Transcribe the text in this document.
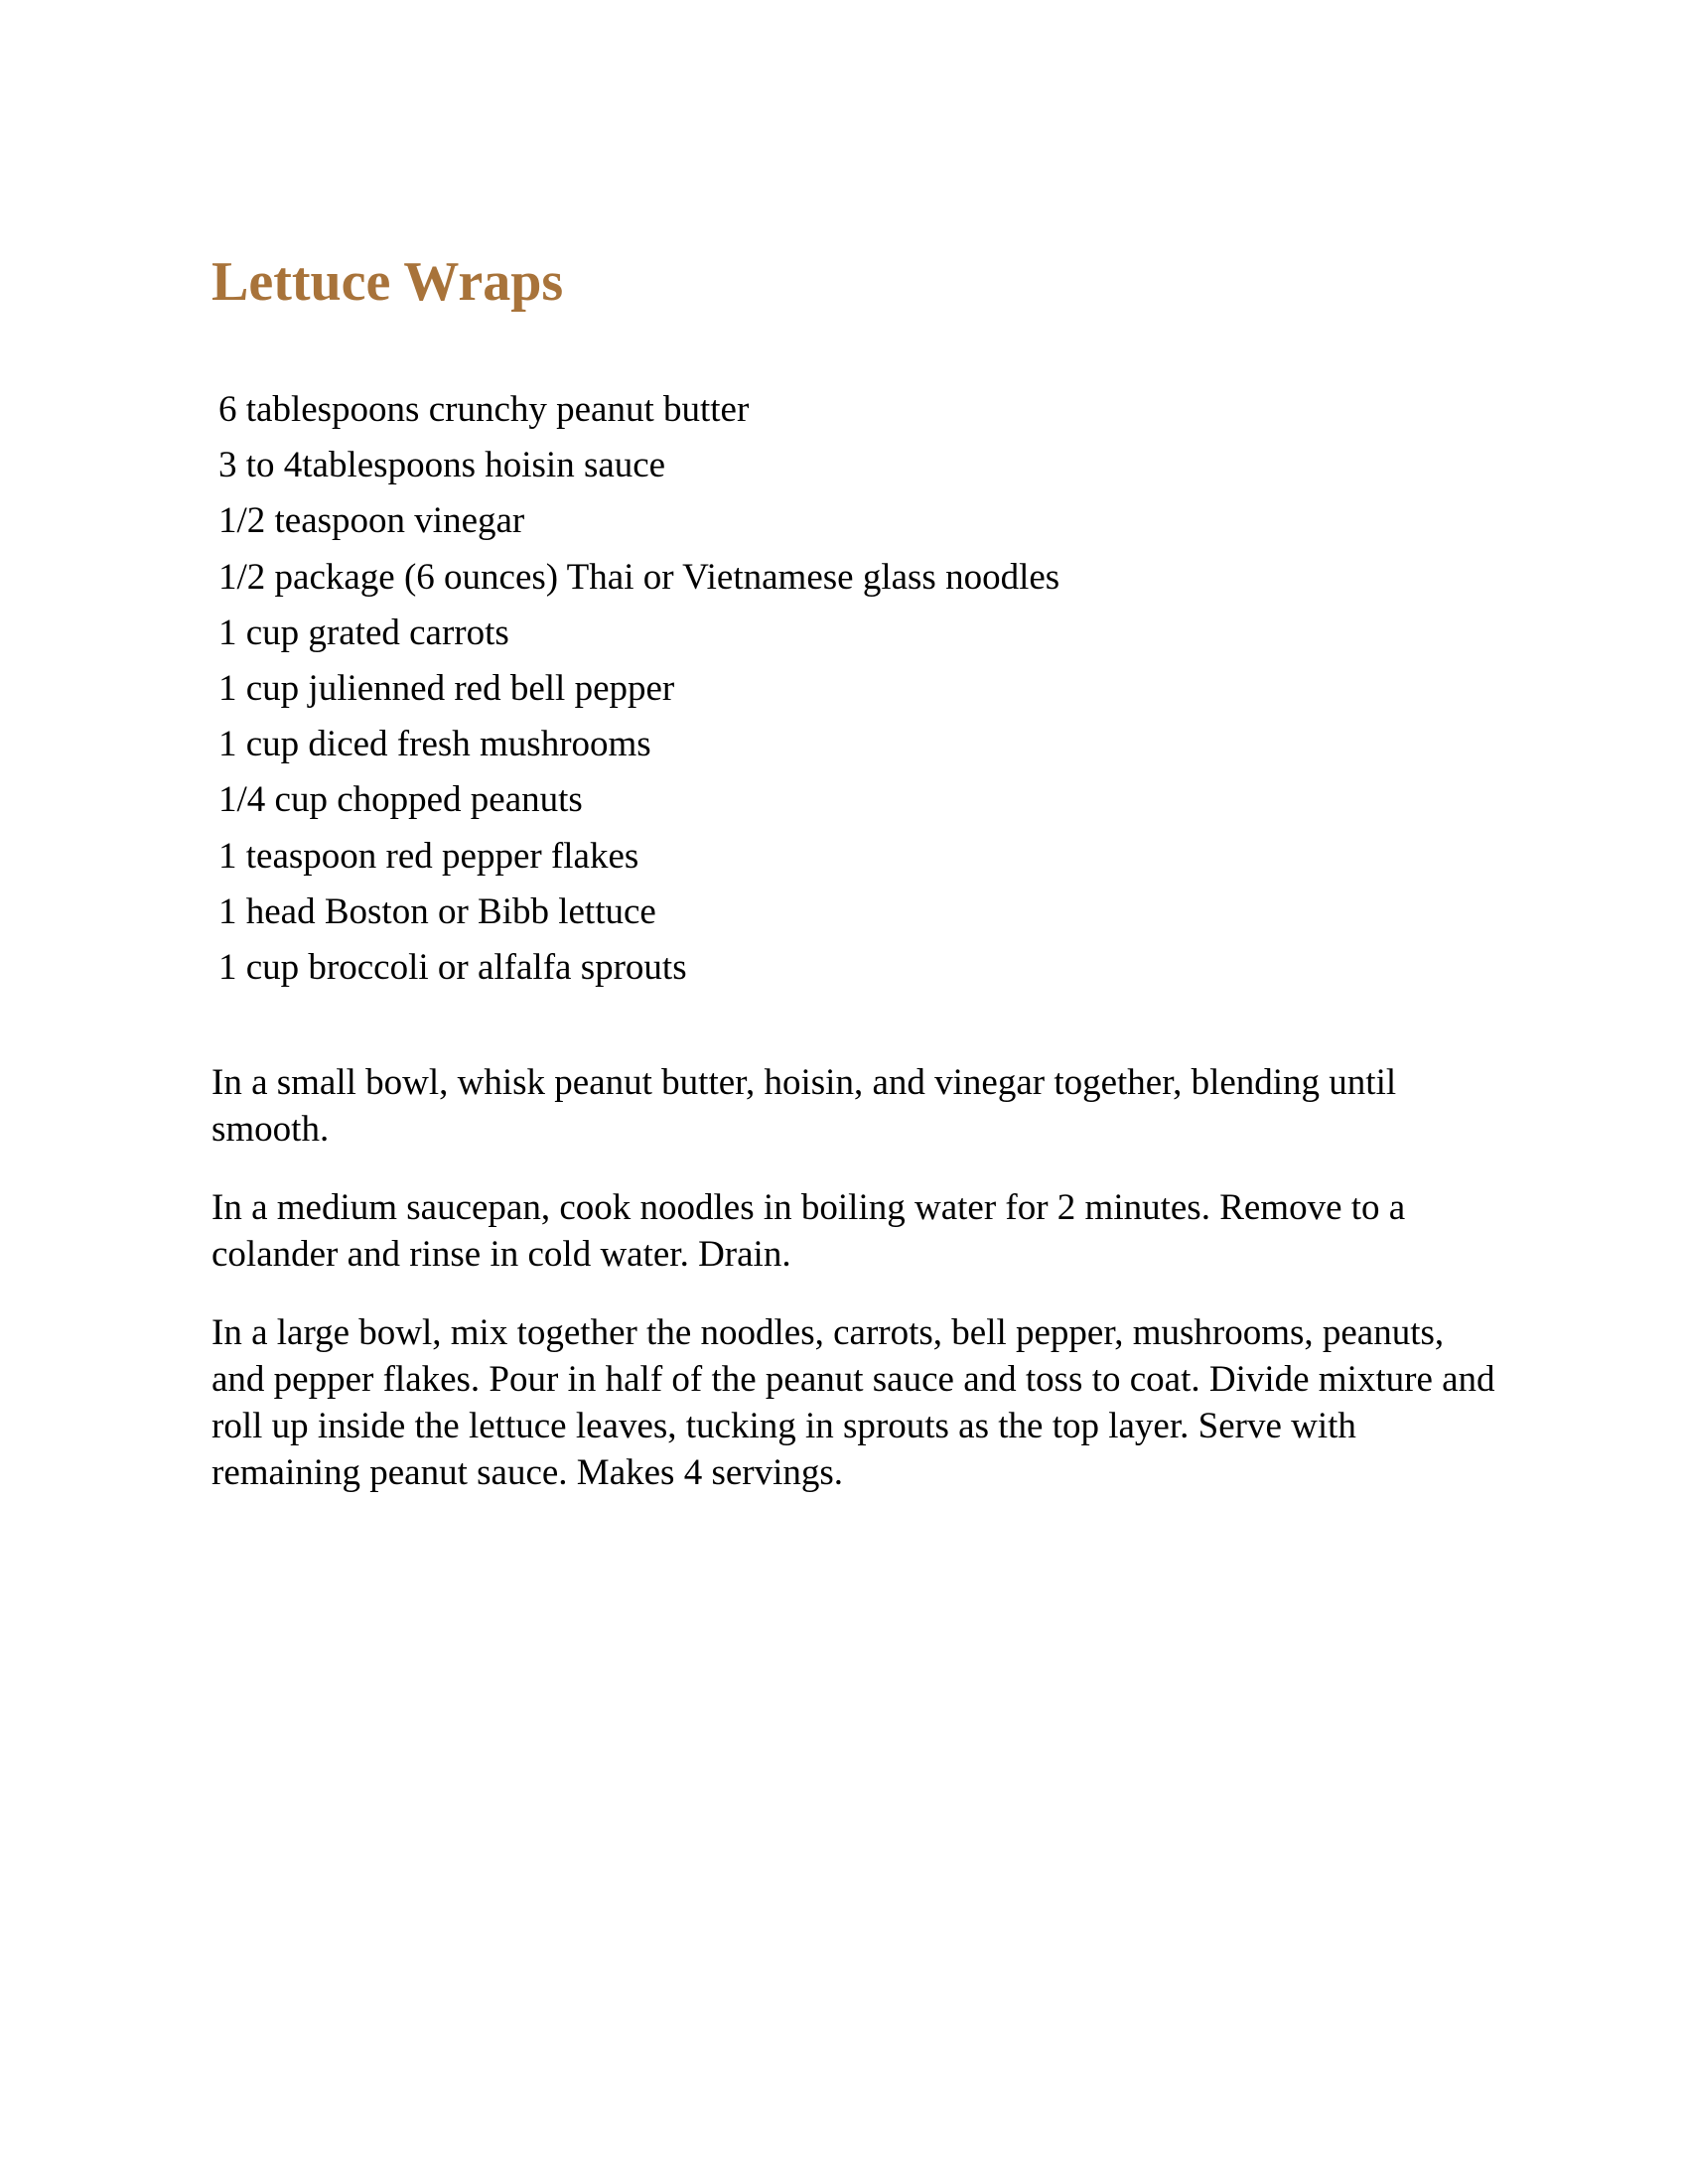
Lettuce Wraps
6 tablespoons crunchy peanut butter
3 to 4tablespoons hoisin sauce
1/2 teaspoon vinegar
1/2 package (6 ounces) Thai or Vietnamese glass noodles
1 cup grated carrots
1 cup julienned red bell pepper
1 cup diced fresh mushrooms
1/4 cup chopped peanuts
1 teaspoon red pepper flakes
1 head Boston or Bibb lettuce
1 cup broccoli or alfalfa sprouts

In a small bowl, whisk peanut butter, hoisin, and vinegar together, blending until smooth.

In a medium saucepan, cook noodles in boiling water for 2 minutes. Remove to a colander and rinse in cold water. Drain.

In a large bowl, mix together the noodles, carrots, bell pepper, mushrooms, peanuts, and pepper flakes. Pour in half of the peanut sauce and toss to coat. Divide mixture and roll up inside the lettuce leaves, tucking in sprouts as the top layer. Serve with remaining peanut sauce. Makes 4 servings.
